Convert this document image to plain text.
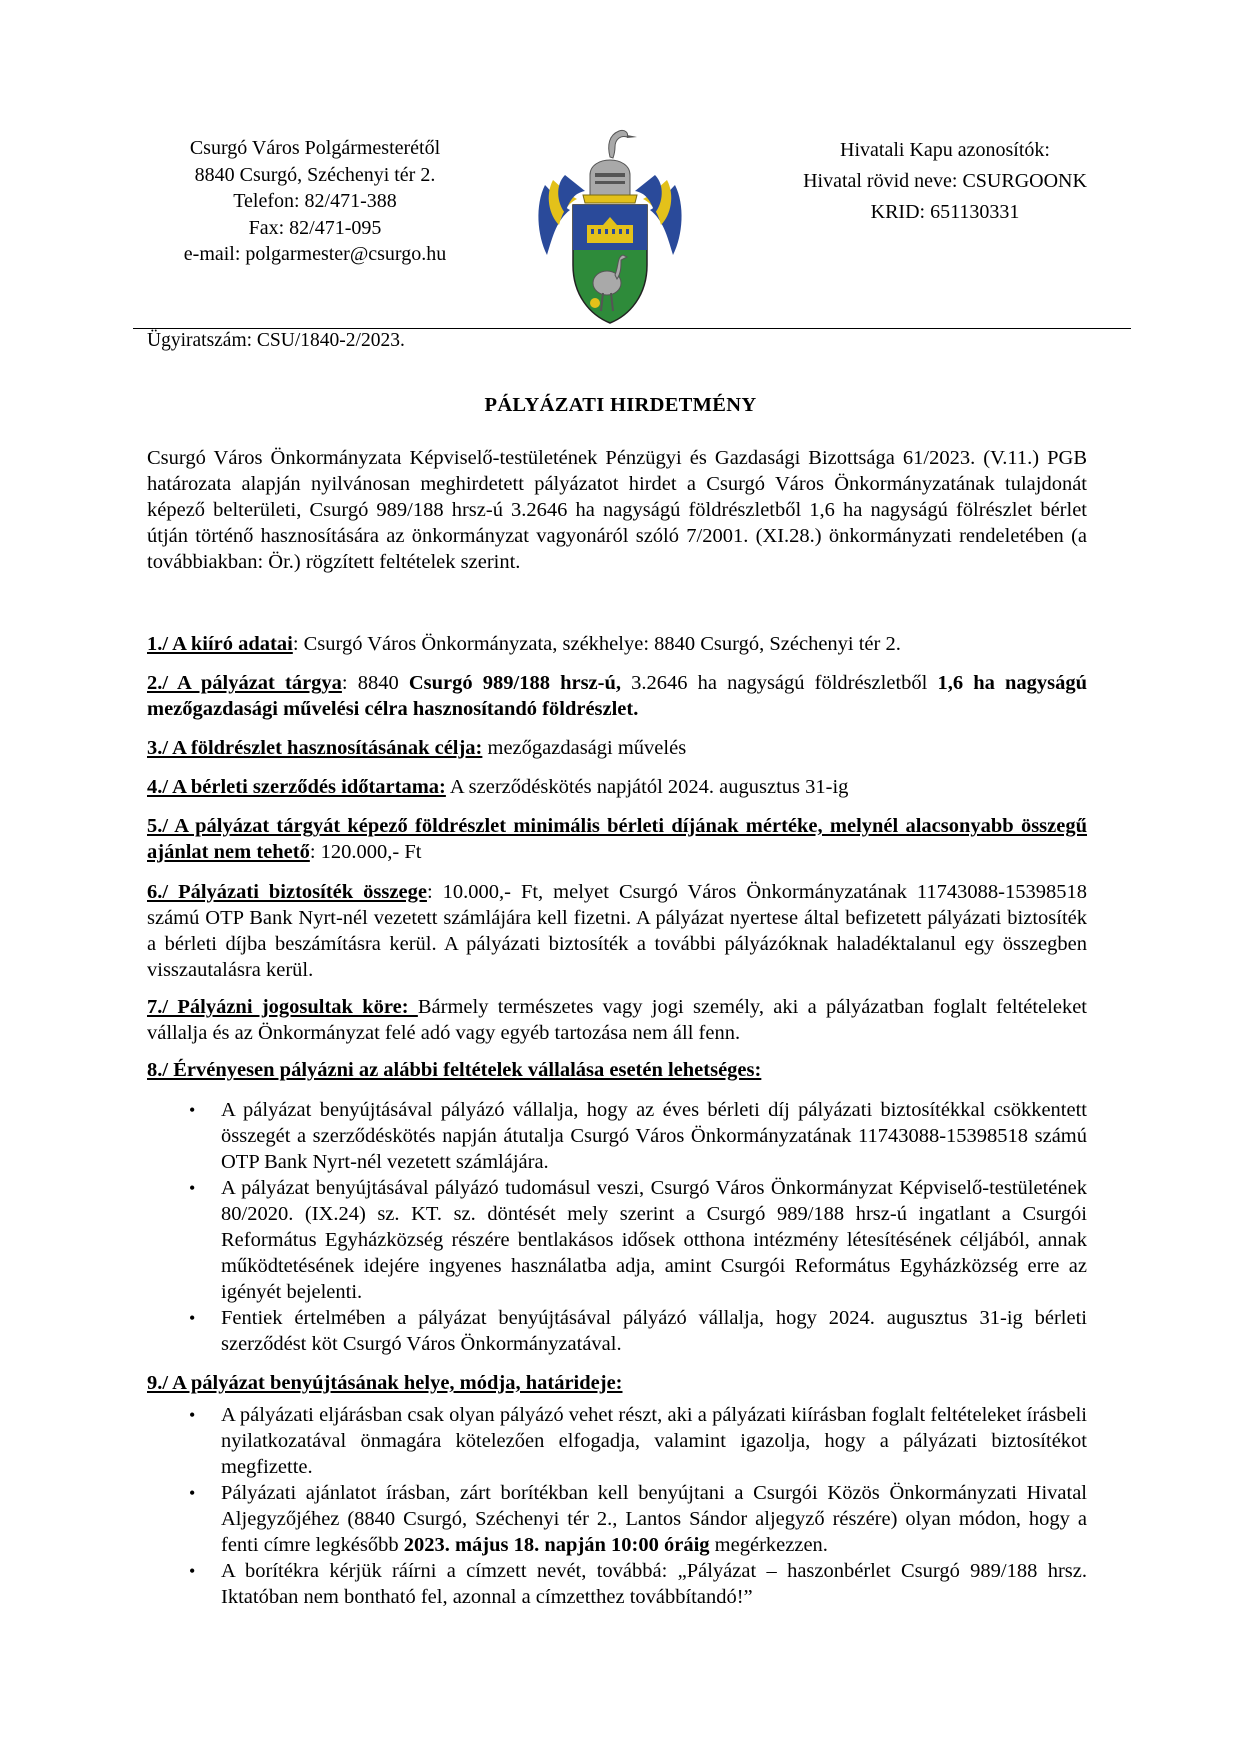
Csurgó Város Polgármesterétől
8840 Csurgó, Széchenyi tér 2.
Telefon: 82/471-388
Fax: 82/471-095
e-mail: polgarmester@csurgo.hu
Hivatali Kapu azonosítók:
Hivatal rövid neve: CSURGOONK
KRID: 651130331
Ügyiratszám: CSU/1840-2/2023.
PÁLYÁZATI HIRDETMÉNY
Csurgó Város Önkormányzata Képviselő-testületének Pénzügyi és Gazdasági Bizottsága 61/2023. (V.11.) PGB határozata alapján nyilvánosan meghirdetett pályázatot hirdet a Csurgó Város Önkormányzatának tulajdonát képező belterületi, Csurgó 989/188 hrsz-ú 3.2646 ha nagyságú földrészletből 1,6 ha nagyságú fölrészlet bérlet útján történő hasznosítására az önkormányzat vagyonáról szóló 7/2001. (XI.28.) önkormányzati rendeletében (a továbbiakban: Ör.) rögzített feltételek szerint.
1./ A kiíró adatai: Csurgó Város Önkormányzata, székhelye: 8840 Csurgó, Széchenyi tér 2.
2./ A pályázat tárgya: 8840 Csurgó 989/188 hrsz-ú, 3.2646 ha nagyságú földrészletből 1,6 ha nagyságú mezőgazdasági művelési célra hasznosítandó földrészlet.
3./ A földrészlet hasznosításának célja: mezőgazdasági művelés
4./ A bérleti szerződés időtartama: A szerződéskötés napjától 2024. augusztus 31-ig
5./ A pályázat tárgyát képező földrészlet minimális bérleti díjának mértéke, melynél alacsonyabb összegű ajánlat nem tehető: 120.000,- Ft
6./ Pályázati biztosíték összege: 10.000,- Ft, melyet Csurgó Város Önkormányzatának 11743088-15398518 számú OTP Bank Nyrt-nél vezetett számlájára kell fizetni. A pályázat nyertese által befizetett pályázati biztosíték a bérleti díjba beszámításra kerül. A pályázati biztosíték a további pályázóknak haladéktalanul egy összegben visszautalásra kerül.
7./ Pályázni jogosultak köre: Bármely természetes vagy jogi személy, aki a pályázatban foglalt feltételeket vállalja és az Önkormányzat felé adó vagy egyéb tartozása nem áll fenn.
8./ Érvényesen pályázni az alábbi feltételek vállalása esetén lehetséges:
• A pályázat benyújtásával pályázó vállalja, hogy az éves bérleti díj pályázati biztosítékkal csökkentett összegét a szerződéskötés napján átutalja Csurgó Város Önkormányzatának 11743088-15398518 számú OTP Bank Nyrt-nél vezetett számlájára.
• A pályázat benyújtásával pályázó tudomásul veszi, Csurgó Város Önkormányzat Képviselő-testületének 80/2020. (IX.24) sz. KT. sz. döntését mely szerint a Csurgó 989/188 hrsz-ú ingatlant a Csurgói Református Egyházközség részére bentlakásos idősek otthona intézmény létesítésének céljából, annak működtetésének idejére ingyenes használatba adja, amint Csurgói Református Egyházközség erre az igényét bejelenti.
• Fentiek értelmében a pályázat benyújtásával pályázó vállalja, hogy 2024. augusztus 31-ig bérleti szerződést köt Csurgó Város Önkormányzatával.
9./ A pályázat benyújtásának helye, módja, határideje:
• A pályázati eljárásban csak olyan pályázó vehet részt, aki a pályázati kiírásban foglalt feltételeket írásbeli nyilatkozatával önmagára kötelezően elfogadja, valamint igazolja, hogy a pályázati biztosítékot megfizette.
• Pályázati ajánlatot írásban, zárt borítékban kell benyújtani a Csurgói Közös Önkormányzati Hivatal Aljegyzőjéhez (8840 Csurgó, Széchenyi tér 2., Lantos Sándor aljegyző részére) olyan módon, hogy a fenti címre legkésőbb 2023. május 18. napján 10:00 óráig megérkezzen.
• A borítékra kérjük ráírni a címzett nevét, továbbá: „Pályázat – haszonbérlet Csurgó 989/188 hrsz. Iktatóban nem bontható fel, azonnal a címzetthez továbbítandó!”
